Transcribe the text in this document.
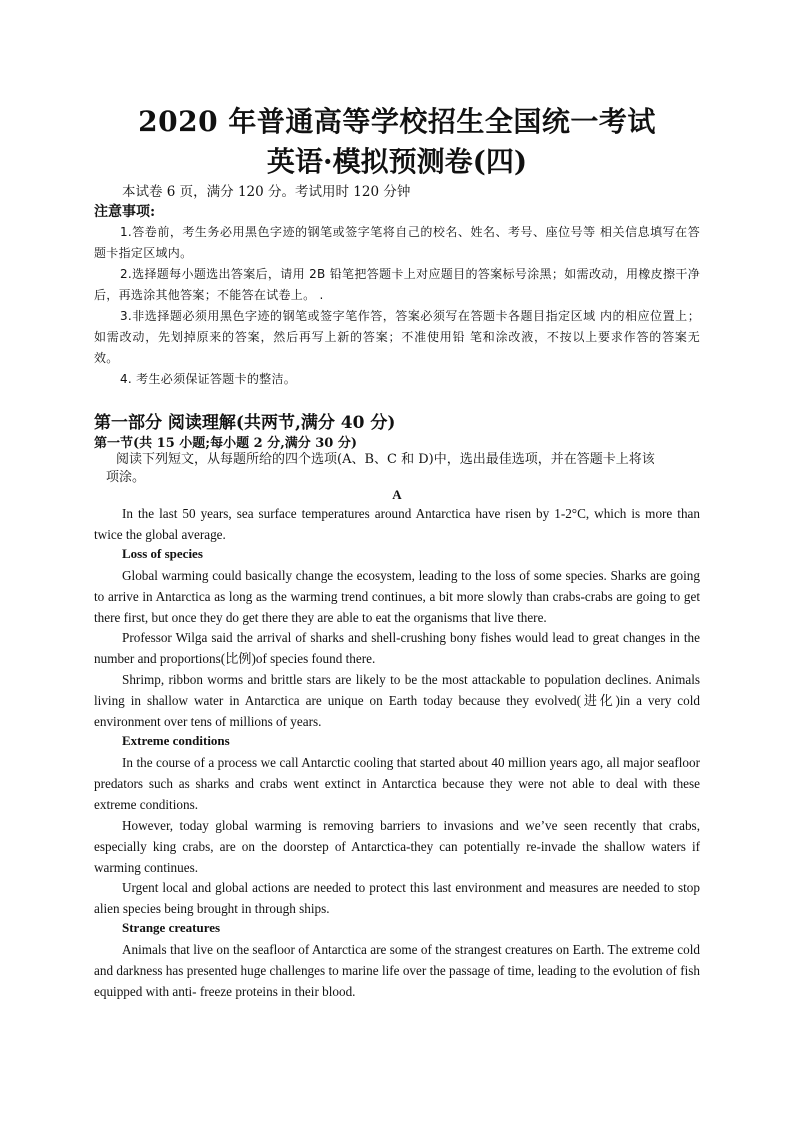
2020 年普通高等学校招生全国统一考试
英语·模拟预测卷(四)
本试卷 6 页，满分 120 分。考试用时 120 分钟
注意事项:
1.答卷前，考生务必用黑色字迹的钢笔或签字笔将自己的校名、姓名、考号、座位号等 相关信息填写在答题卡指定区域内。
2.选择题每小题选出答案后，请用 2B 铅笔把答题卡上对应题目的答案标号涂黑；如需改动，用橡皮擦干净后，再选涂其他答案；不能答在试卷上。 .
3.非选择题必须用黑色字迹的钢笔或签字笔作答，答案必须写在答题卡各题目指定区域 内的相应位置上；如需改动，先划掉原来的答案，然后再写上新的答案；不准使用铅 笔和涂改液，不按以上要求作答的答案无效。
4. 考生必须保证答题卡的整洁。
第一部分 阅读理解(共两节,满分 40 分)
第一节(共 15 小题;每小题 2 分,满分 30 分)
阅读下列短文，从每题所给的四个选项(A、B、C 和 D)中，选出最佳选项，并在答题卡上将该
项涂。
A
In the last 50 years, sea surface temperatures around Antarctica have risen by 1-2°C, which is more than twice the global average.
Loss of species
Global warming could basically change the ecosystem, leading to the loss of some species. Sharks are going to arrive in Antarctica as long as the warming trend continues, a bit more slowly than crabs-crabs are going to get there first, but once they do get there they are able to eat the organisms that live there.
Professor Wilga said the arrival of sharks and shell-crushing bony fishes would lead to great changes in the number and proportions(比例)of species found there.
Shrimp, ribbon worms and brittle stars are likely to be the most attackable to population declines. Animals living in shallow water in Antarctica are unique on Earth today because they evolved(进化)in a very cold environment over tens of millions of years.
Extreme conditions
In the course of a process we call Antarctic cooling that started about 40 million years ago, all major seafloor predators such as sharks and crabs went extinct in Antarctica because they were not able to deal with these extreme conditions.
However, today global warming is removing barriers to invasions and we’ve seen recently that crabs, especially king crabs, are on the doorstep of Antarctica-they can potentially re-invade the shallow waters if warming continues.
Urgent local and global actions are needed to protect this last environment and measures are needed to stop alien species being brought in through ships.
Strange creatures
Animals that live on the seafloor of Antarctica are some of the strangest creatures on Earth. The extreme cold and darkness has presented huge challenges to marine life over the passage of time, leading to the evolution of fish equipped with anti- freeze proteins in their blood.
